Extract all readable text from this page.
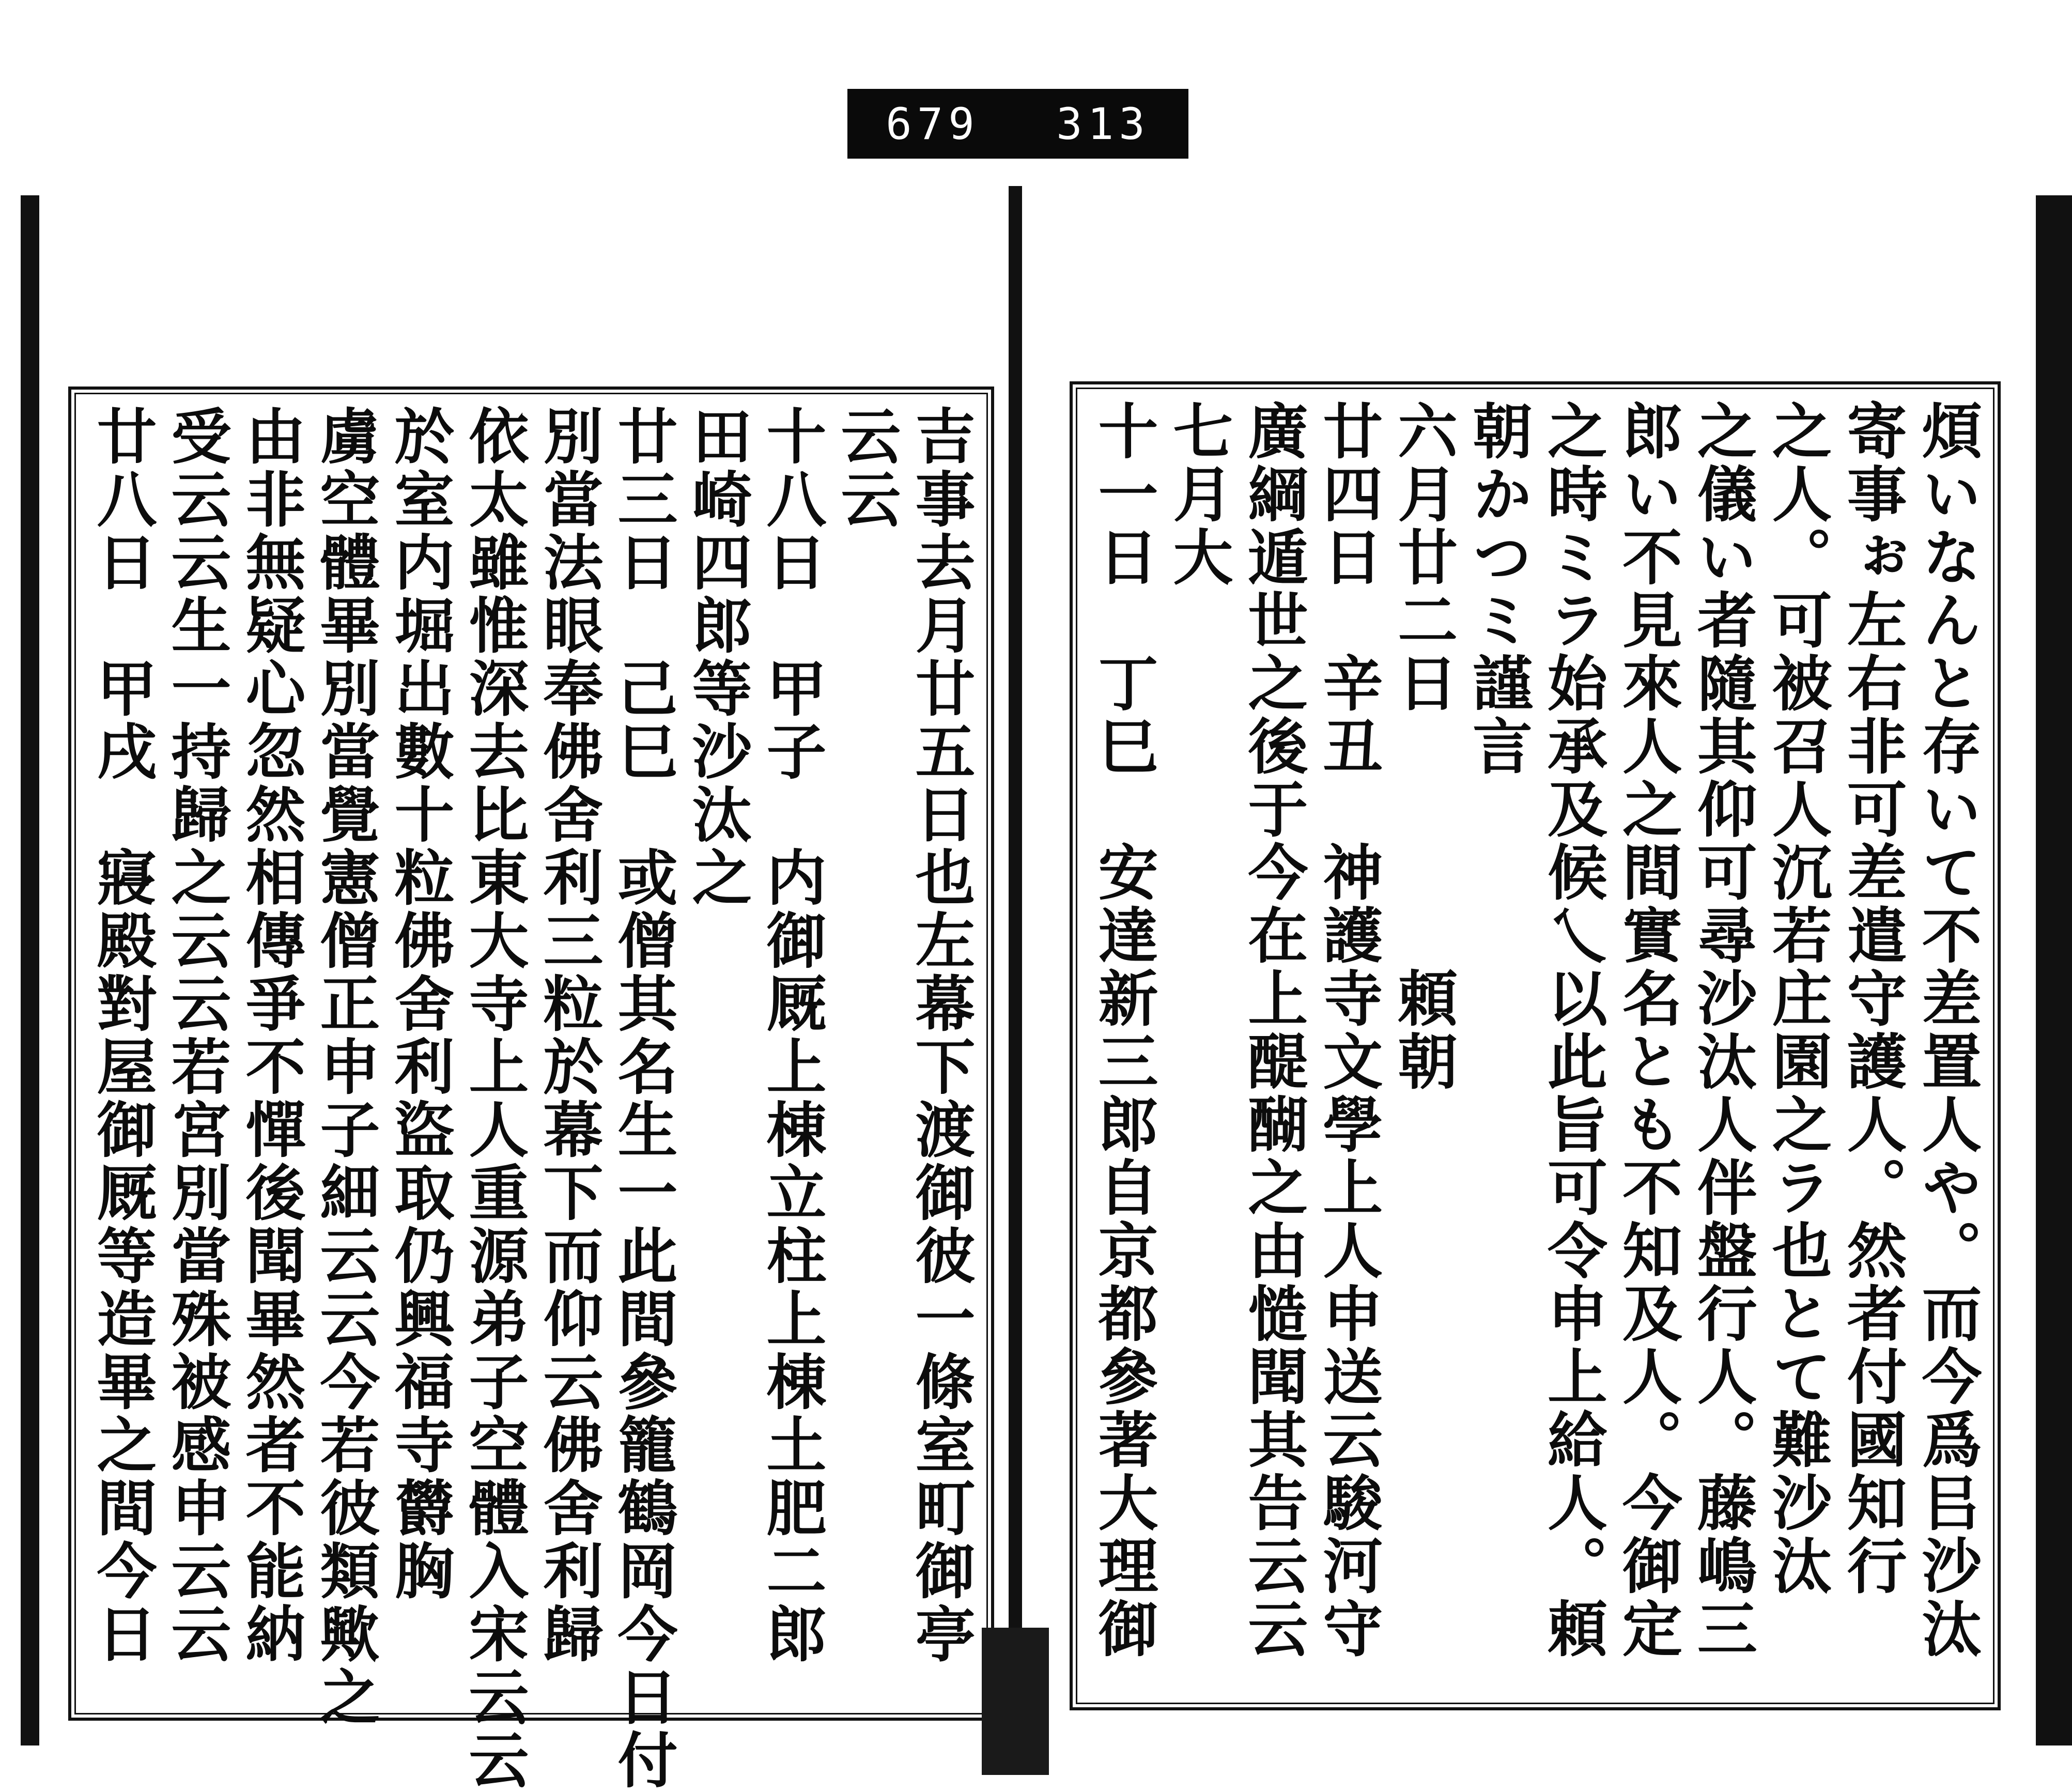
679 313
吉事去月廿五日也左幕下渡御彼一條室町御亭
云云
十八日　甲子　内御厩上棟立柱上棟土肥二郎
田崎四郎等沙汰之
廿三日　己巳　或僧其名生一此間參籠鶴岡今日付
別當法眼奉佛舍利三粒於幕下而仰云佛舍利歸
依太雖惟深去比東大寺上人重源弟子空體入宋云云
於室内堀出數十粒佛舍利盜取仍興福寺欝胸
虜空體畢別當覺憲僧正申子細云云今若彼類歟之
由非無疑心忽然相傳爭不憚後聞畢然者不能納
受云云生一持歸之云云若宮別當殊被感申云云
廿八日　甲戌　寢殿對屋御厩等造畢之間今日	煩いなんと存いて不差置人や。而今爲㠯沙汰
寄事ぉ左右非可差遣守護人。然者付國知行
之人。可被召人沉若庄園之ラ也とて難沙汰
之儀い者隨其仰可尋沙汰人伴盤行人。藤嶋三
郎い不見來人之間實名とも不知及人。今御定
之時ミラ始承及候乀以此旨可令申上給人。頼
朝かつミ謹言
六月廿二日　　　　頼朝
廿四日　辛丑　神護寺文學上人申送云駿河守
廣綱遁世之後于今在上醍醐之由慥聞其告云云
七月大
十一日　丁巳　安達新三郎自京都參著大理御
